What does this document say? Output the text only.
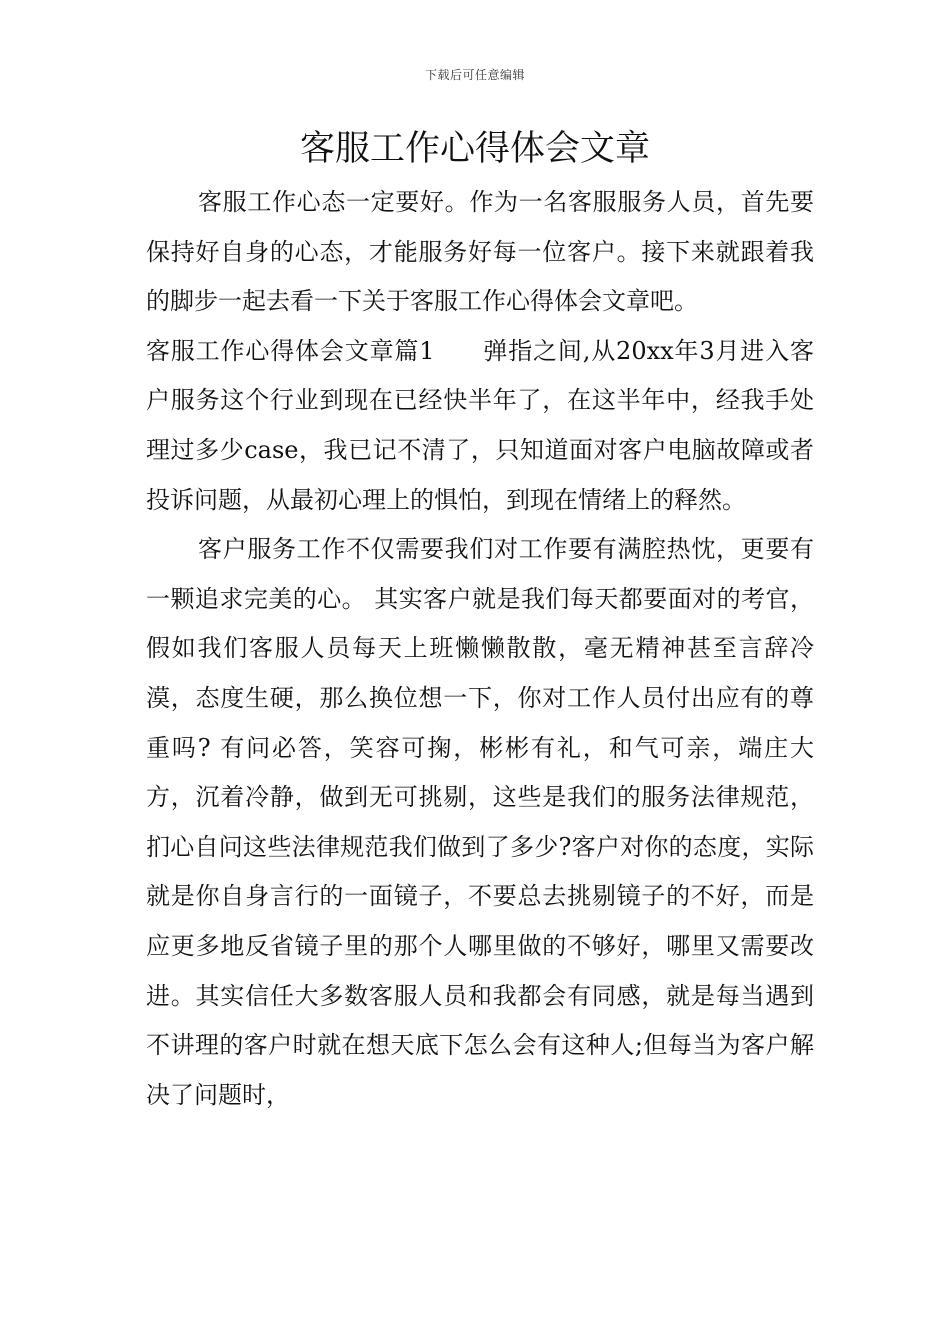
下载后可任意编辑
客服工作心得体会文章

客服工作心态一定要好。作为一名客服服务人员，首先要保持好自身的心态，才能服务好每一位客户。接下来就跟着我的脚步一起去看一下关于客服工作心得体会文章吧。

客服工作心得体会文章篇1 弹指之间,从20xx年3月进入客户服务这个行业到现在已经快半年了，在这半年中，经我手处理过多少case，我已记不清了，只知道面对客户电脑故障或者投诉问题，从最初心理上的惧怕，到现在情绪上的释然。

客户服务工作不仅需要我们对工作要有满腔热忱，更要有一颗追求完美的心。 其实客户就是我们每天都要面对的考官，假如我们客服人员每天上班懒懒散散，毫无精神甚至言辞冷漠，态度生硬，那么换位想一下，你对工作人员付出应有的尊重吗? 有问必答，笑容可掬，彬彬有礼，和气可亲，端庄大方，沉着冷静，做到无可挑剔，这些是我们的服务法律规范，扪心自问这些法律规范我们做到了多少?客户对你的态度，实际就是你自身言行的一面镜子，不要总去挑剔镜子的不好，而是应更多地反省镜子里的那个人哪里做的不够好，哪里又需要改进。其实信任大多数客服人员和我都会有同感，就是每当遇到不讲理的客户时就在想天底下怎么会有这种人;但每当为客户解决了问题时，
